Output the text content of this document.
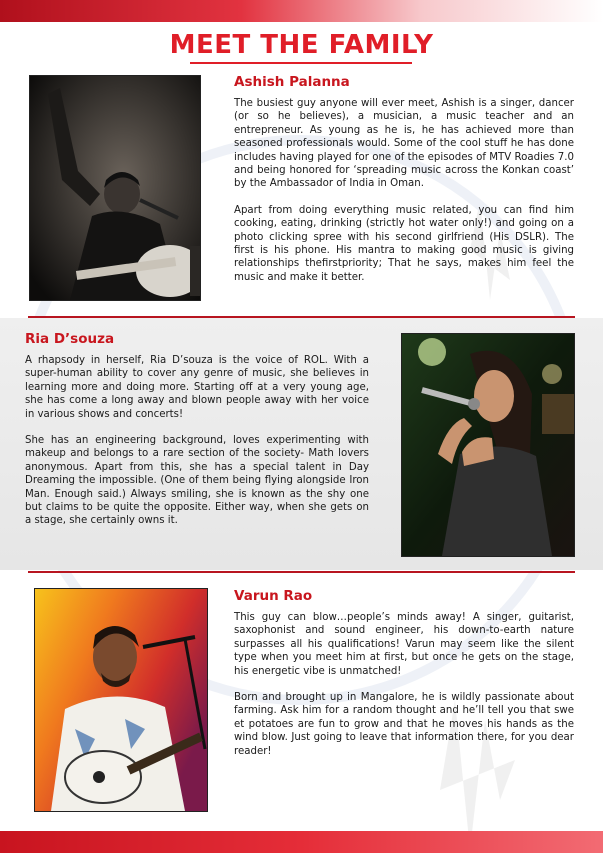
MEET THE FAMILY
Ashish Palanna

The busiest guy anyone will ever meet, Ashish is a singer, dancer (or so he believes), a musician, a music teacher and an entrepreneur. As young as he is, he has achieved more than seasoned professionals would. Some of the cool stuff he has done includes having played for one of the episodes of MTV Roadies 7.0 and being honored for ‘spreading music across the Konkan coast’ by the Ambassador of India in Oman.

Apart from doing everything music related, you can find him cooking, eating, drinking (strictly hot water only!) and going on a photo clicking spree with his second girlfriend (His DSLR). The first is his phone. His mantra to making good music is giving relationships thefirstpriority; That he says, makes him feel the music and make it better.

Ria D’souza

A rhapsody in herself, Ria D’souza is the voice of ROL. With a super-human ability to cover any genre of music, she believes in learning more and doing more. Starting off at a very young age, she has come a long away and blown people away with her voice in various shows and concerts!

She has an engineering background, loves experimenting with makeup and belongs to a rare section of the society- Math lovers anonymous. Apart from this, she has a special talent in Day Dreaming the impossible. (One of them being flying alongside Iron Man. Enough said.) Always smiling, she is known as the shy one but claims to be quite the opposite. Either way, when she gets on a stage, she certainly owns it.

Varun Rao

This guy can blow…people’s minds away! A singer, guitarist, saxophonist and sound engineer, his down-to-earth nature surpasses all his qualifications! Varun may seem like the silent type when you meet him at first, but once he gets on the stage, his energetic vibe is unmatched!

Born and brought up in Mangalore, he is wildly passionate about farming. Ask him for a random thought and he’ll tell you that swe et potatoes are fun to grow and that he moves his hands as the wind blow. Just going to leave that information there, for you dear reader!
